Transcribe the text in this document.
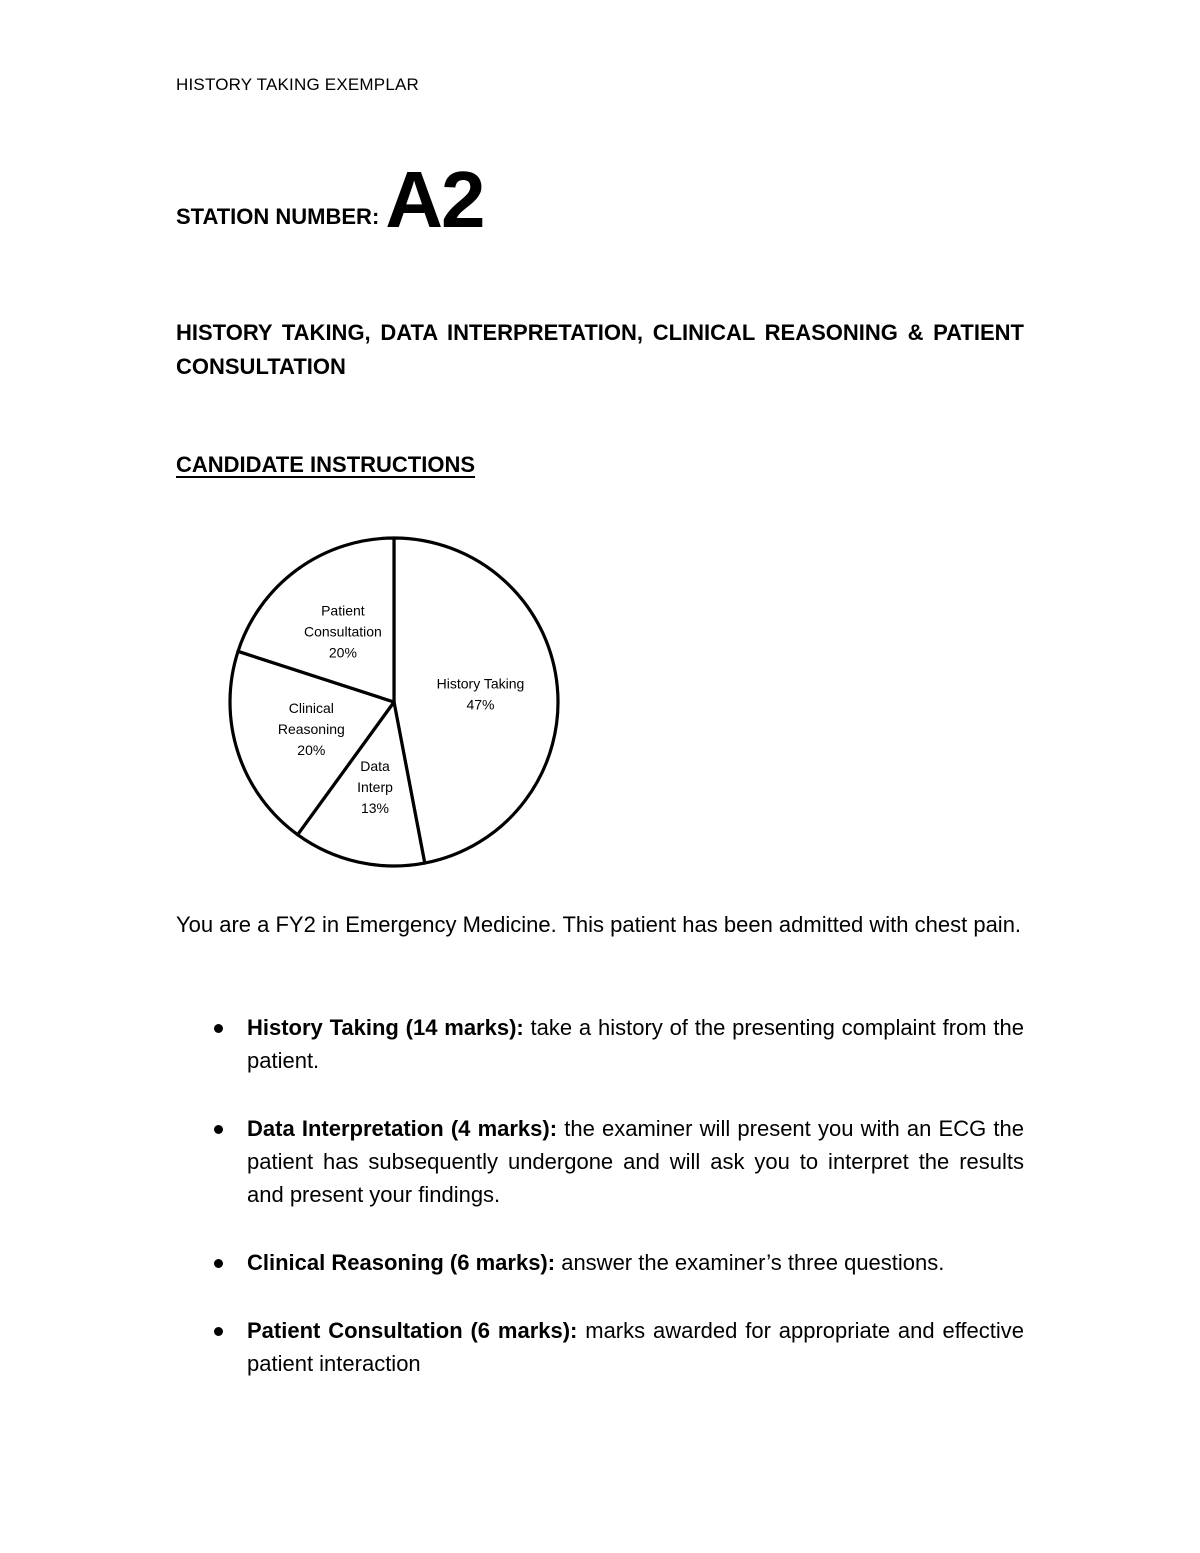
HISTORY TAKING EXEMPLAR
STATION NUMBER: A2
HISTORY TAKING, DATA INTERPRETATION, CLINICAL REASONING & PATIENT CONSULTATION
CANDIDATE INSTRUCTIONS
History Taking 47%
Data Interp 13%
Clinical Reasoning 20%
Patient Consultation 20%
You are a FY2 in Emergency Medicine. This patient has been admitted with chest pain.
History Taking (14 marks): take a history of the presenting complaint from the patient.
Data Interpretation (4 marks): the examiner will present you with an ECG the patient has subsequently undergone and will ask you to interpret the results and present your findings.
Clinical Reasoning (6 marks): answer the examiner’s three questions.
Patient Consultation (6 marks): marks awarded for appropriate and effective patient interaction
